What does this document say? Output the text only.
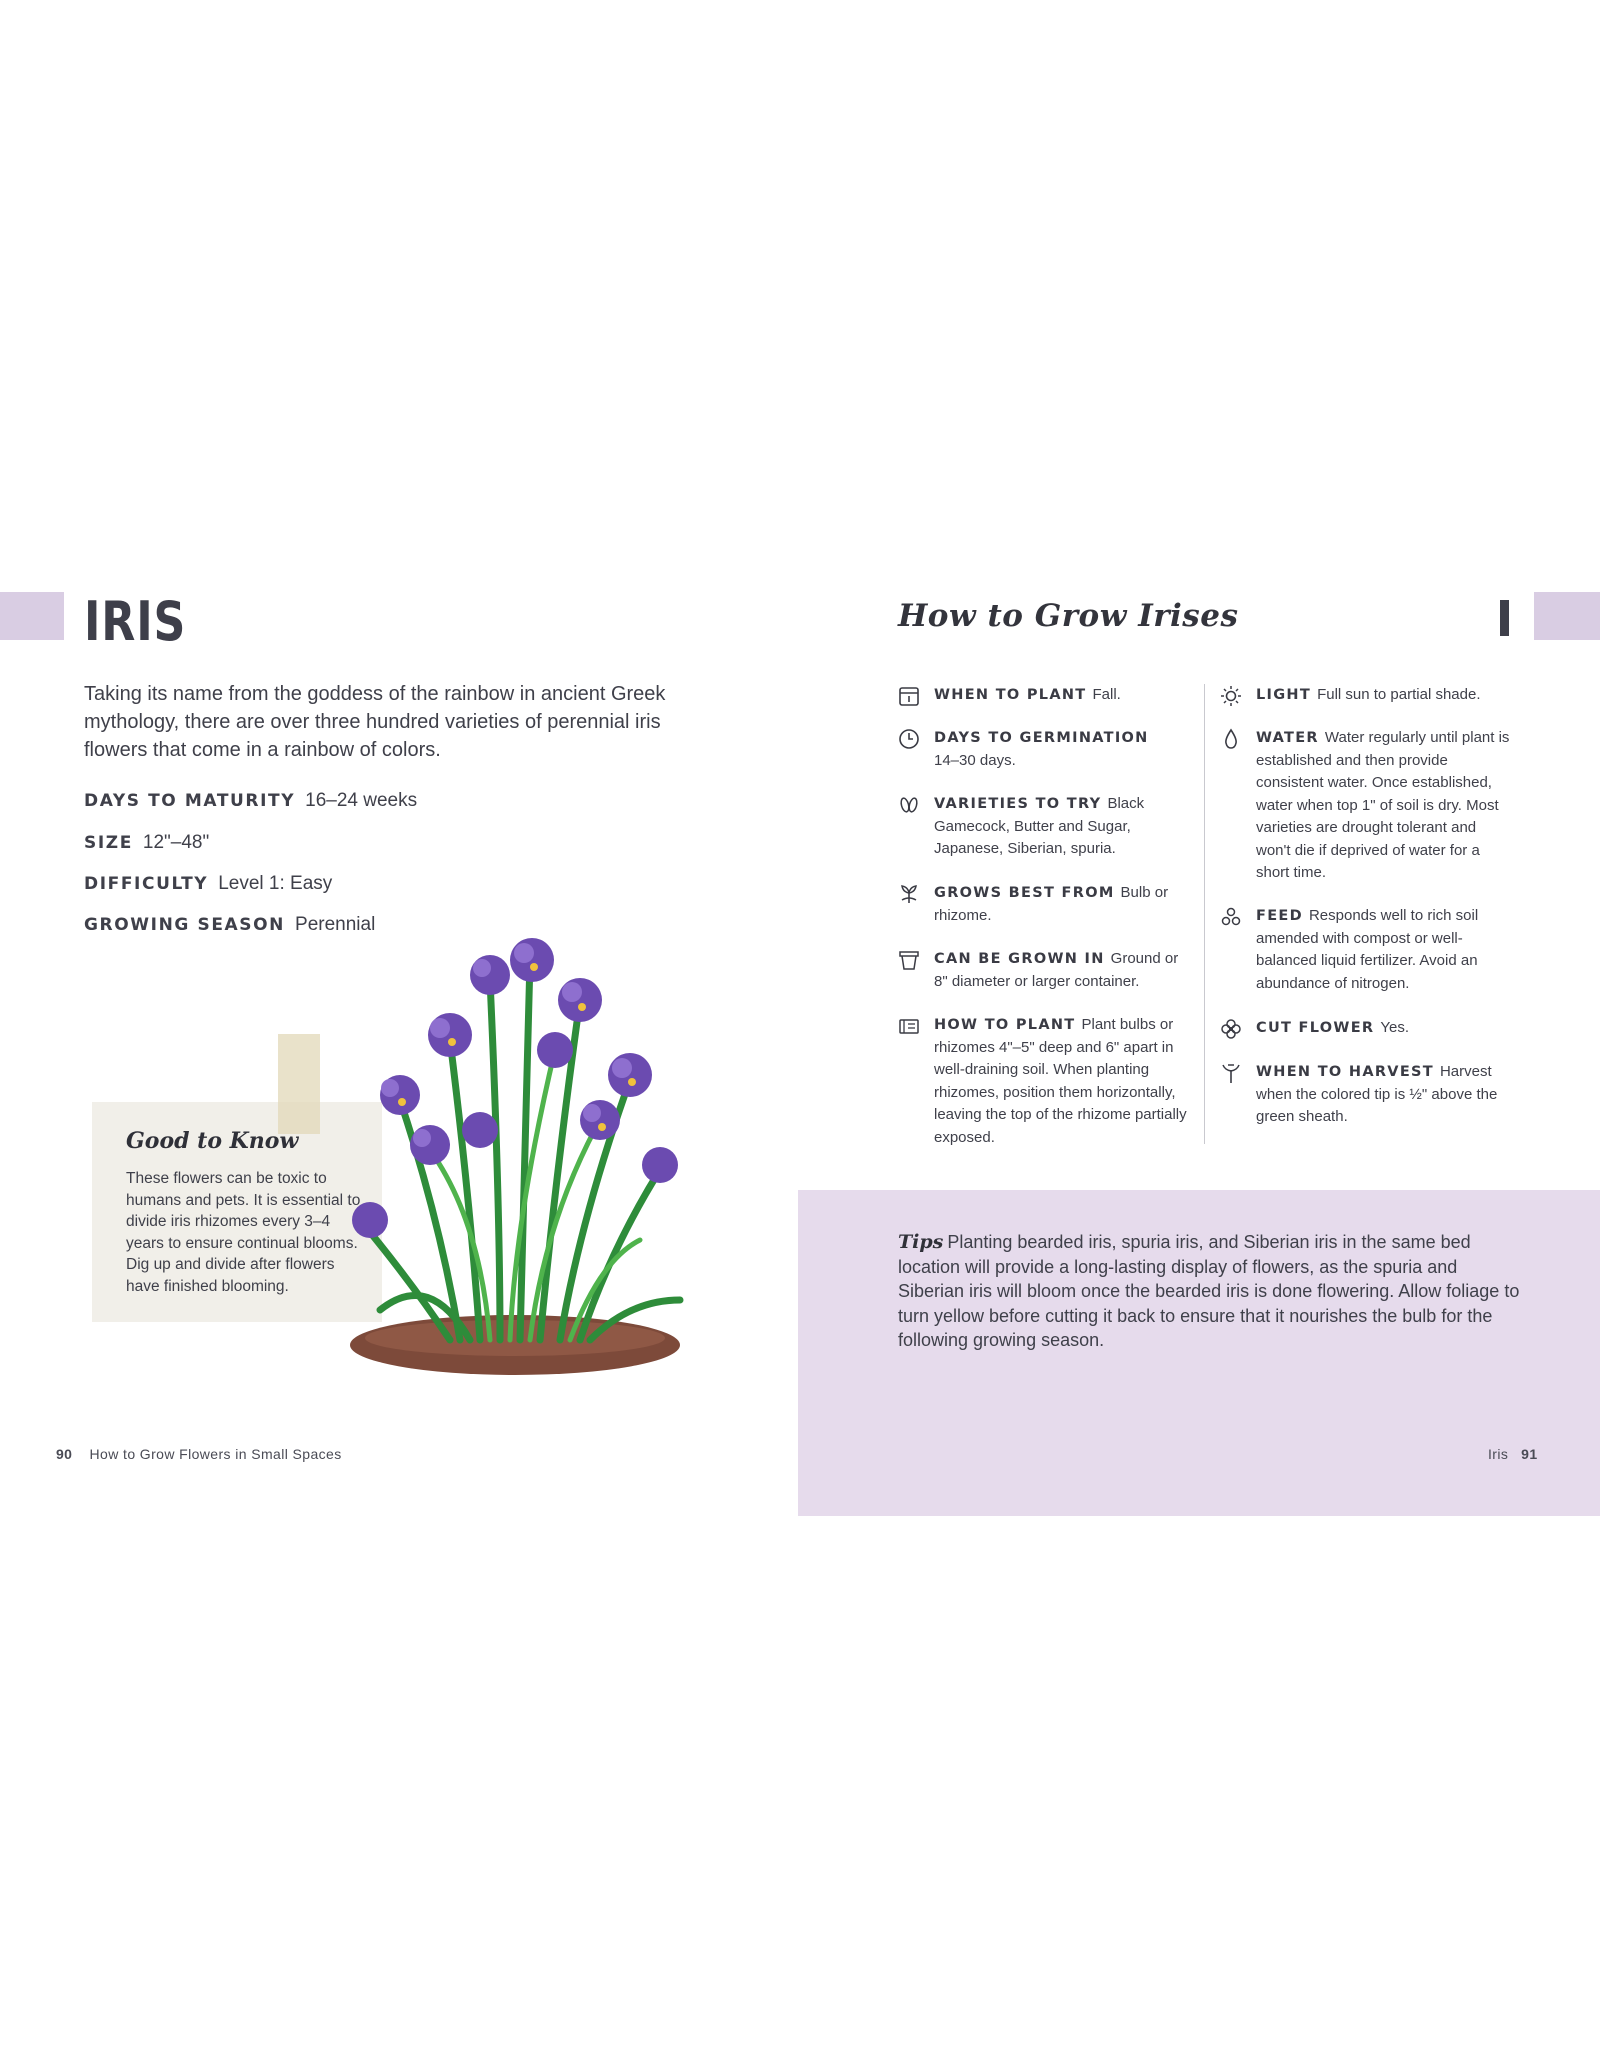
IRIS
Taking its name from the goddess of the rainbow in ancient Greek mythology, there are over three hundred varieties of perennial iris flowers that come in a rainbow of colors.
DAYS TO MATURITY 16–24 weeks
SIZE 12"–48"
DIFFICULTY Level 1: Easy
GROWING SEASON Perennial
Good to Know
These flowers can be toxic to humans and pets. It is essential to divide iris rhizomes every 3–4 years to ensure continual blooms. Dig up and divide after flowers have finished blooming.
90 How to Grow Flowers in Small Spaces
How to Grow Irises
WHEN TO PLANT Fall.
DAYS TO GERMINATION
14–30 days.
VARIETIES TO TRY Black Gamecock, Butter and Sugar, Japanese, Siberian, spuria.
GROWS BEST FROM Bulb or rhizome.
CAN BE GROWN IN Ground or 8" diameter or larger container.
HOW TO PLANT Plant bulbs or rhizomes 4"–5" deep and 6" apart in well-draining soil. When planting rhizomes, position them horizontally, leaving the top of the rhizome partially exposed.
LIGHT Full sun to partial shade.
WATER Water regularly until plant is established and then provide consistent water. Once established, water when top 1" of soil is dry. Most varieties are drought tolerant and won't die if deprived of water for a short time.
FEED Responds well to rich soil amended with compost or well-balanced liquid fertilizer. Avoid an abundance of nitrogen.
CUT FLOWER Yes.
WHEN TO HARVEST Harvest when the colored tip is ½" above the green sheath.
Tips Planting bearded iris, spuria iris, and Siberian iris in the same bed location will provide a long-lasting display of flowers, as the spuria and Siberian iris will bloom once the bearded iris is done flowering. Allow foliage to turn yellow before cutting it back to ensure that it nourishes the bulb for the following growing season.
Iris 91
